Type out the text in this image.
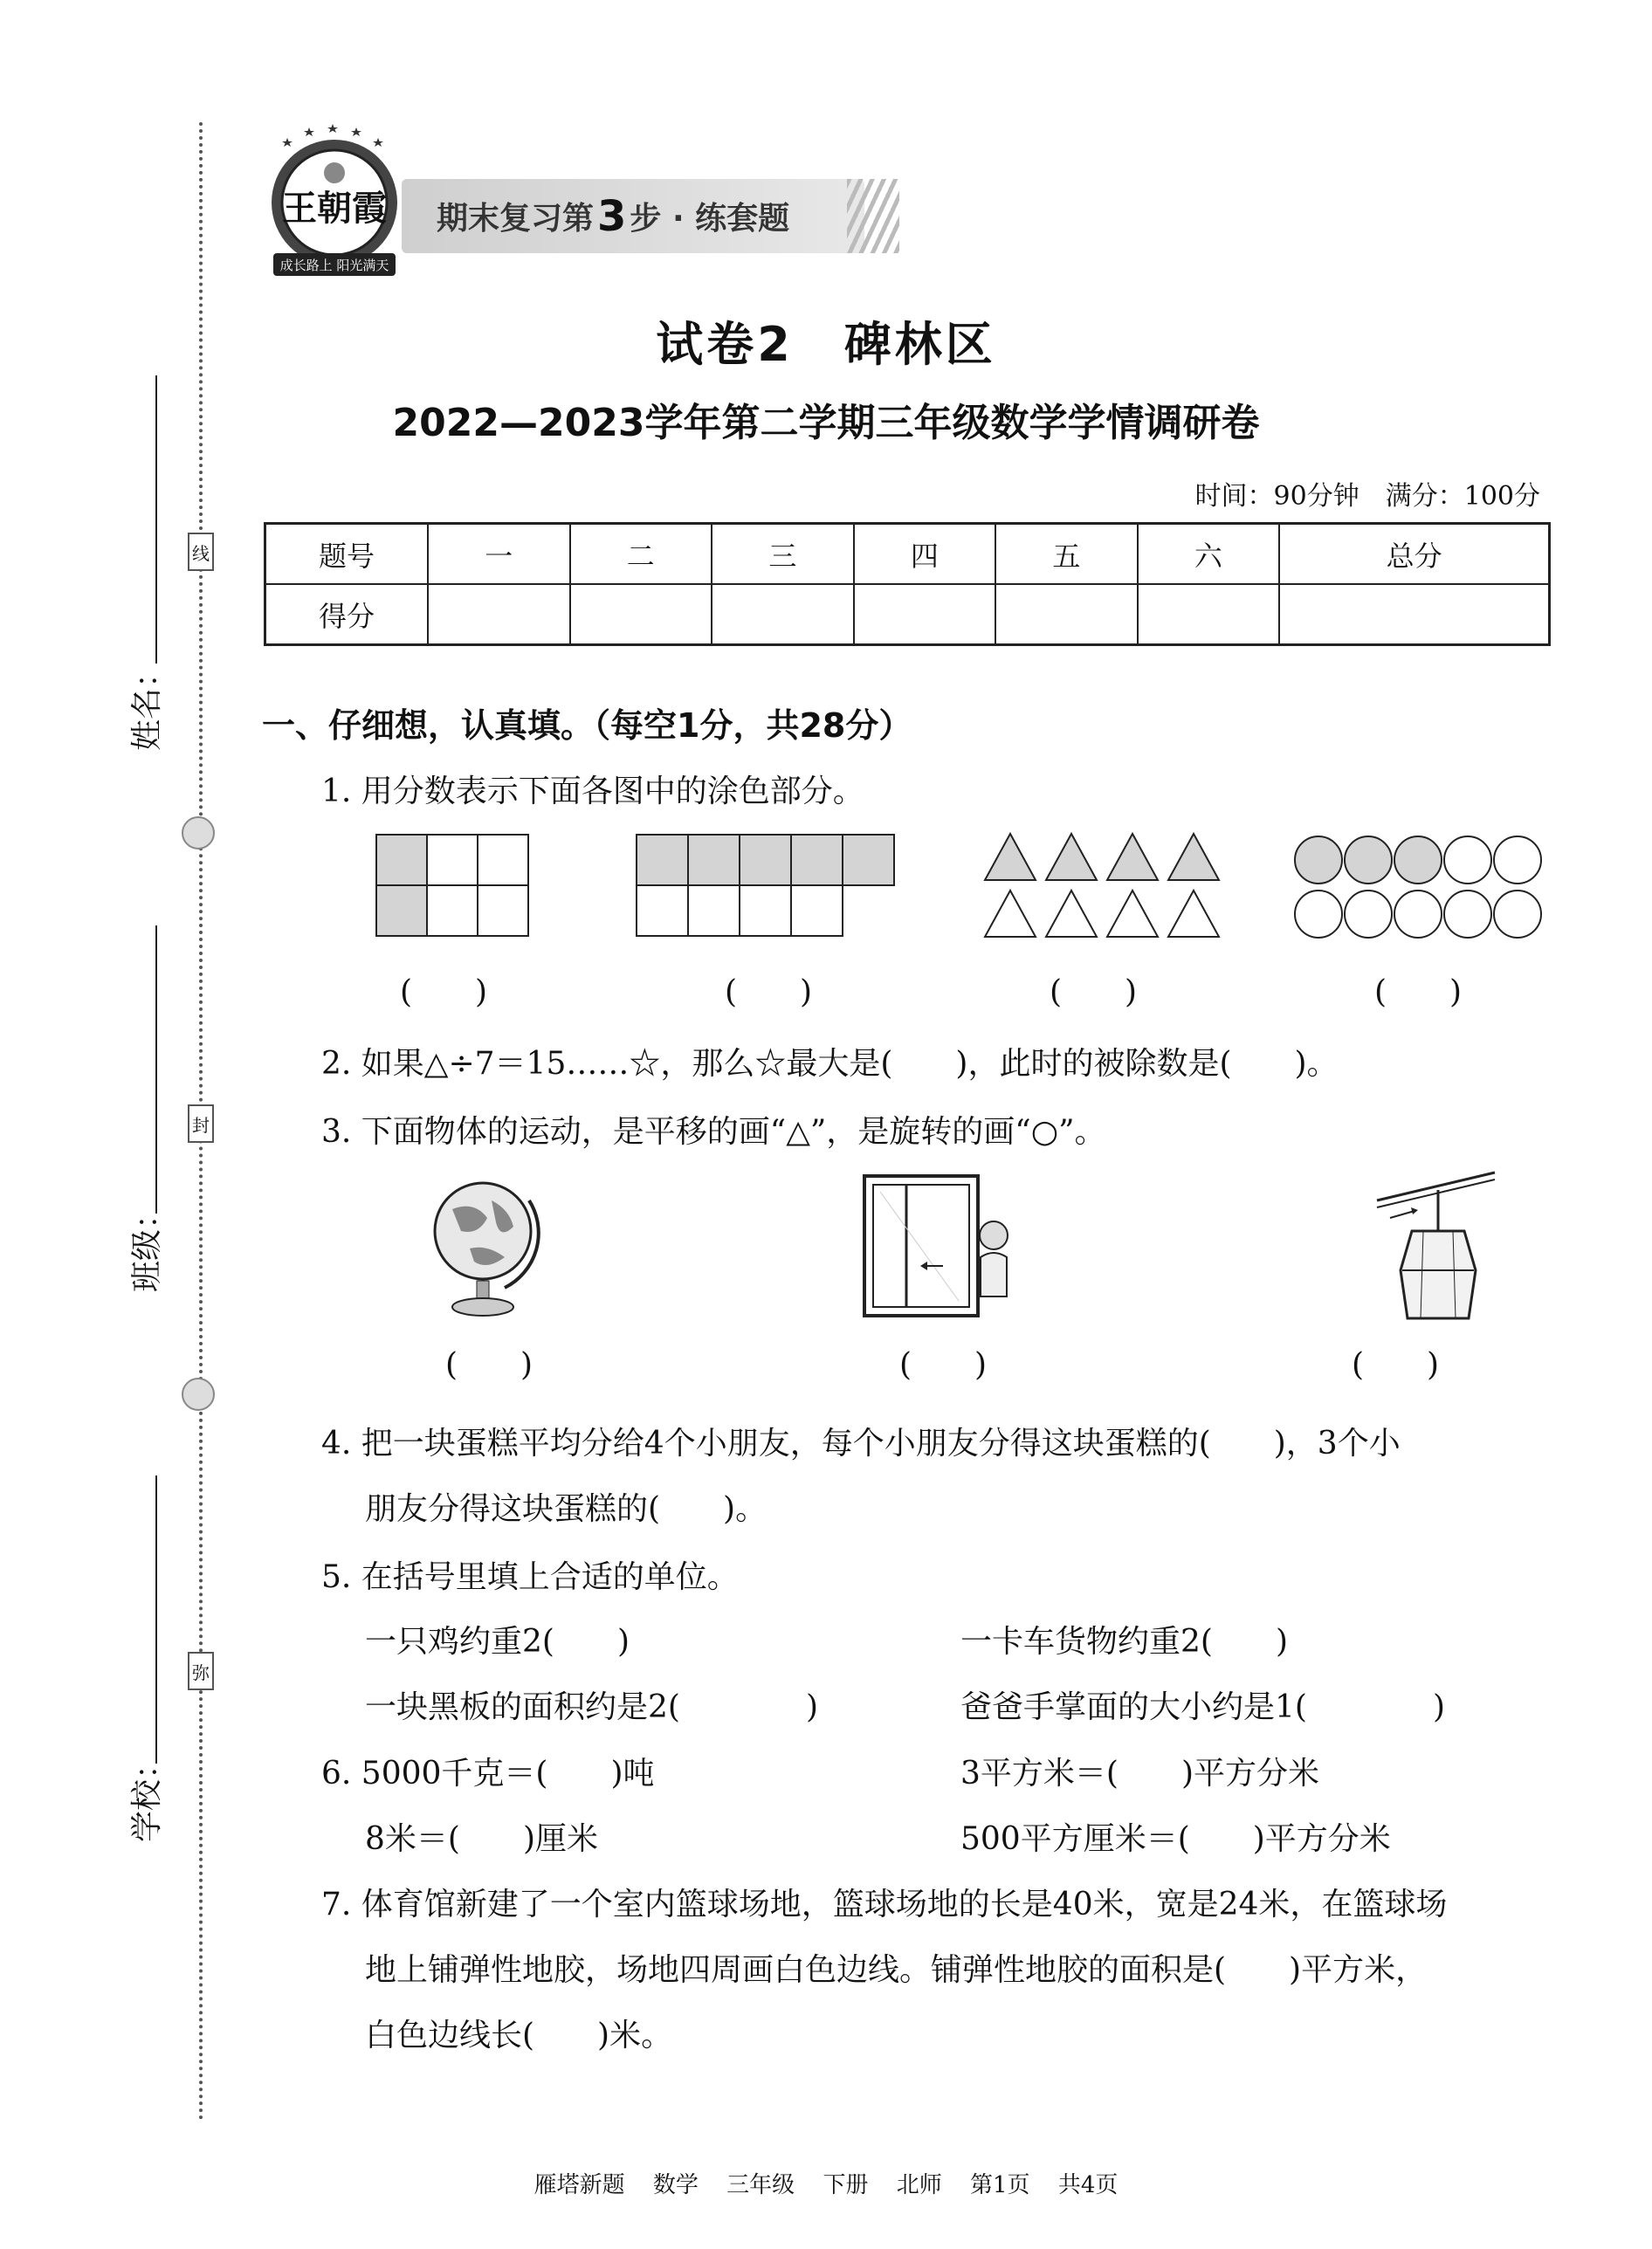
线
封
弥
姓名：
班级：
学校：
王朝霞
成长路上 阳光满天
期末复习第 3 步 · 练套题
试卷2　碑林区
2022—2023学年第二学期三年级数学学情调研卷
时间：90分钟　满分：100分
题号	一	二	三	四	五	六	总分
得分							
一、仔细想，认真填。（每空1分，共28分）
1. 用分数表示下面各图中的涂色部分。
(　　)	(　　)	(　　)	(　　)
2. 如果△÷7＝15……☆，那么☆最大是(　　)，此时的被除数是(　　)。
3. 下面物体的运动，是平移的画“△”，是旋转的画“○”。
(　　)	(　　)	(　　)
4. 把一块蛋糕平均分给4个小朋友，每个小朋友分得这块蛋糕的(　　)，3个小
朋友分得这块蛋糕的(　　)。
5. 在括号里填上合适的单位。
一只鸡约重2(　　)	一卡车货物约重2(　　)
一块黑板的面积约是2(　　　　)	爸爸手掌面的大小约是1(　　　　)
6. 5000千克＝(　　)吨	3平方米＝(　　)平方分米
8米＝(　　)厘米	500平方厘米＝(　　)平方分米
7. 体育馆新建了一个室内篮球场地，篮球场地的长是40米，宽是24米，在篮球场
地上铺弹性地胶，场地四周画白色边线。铺弹性地胶的面积是(　　)平方米，
白色边线长(　　)米。
雁塔新题 数学 三年级 下册 北师 第1页 共4页
